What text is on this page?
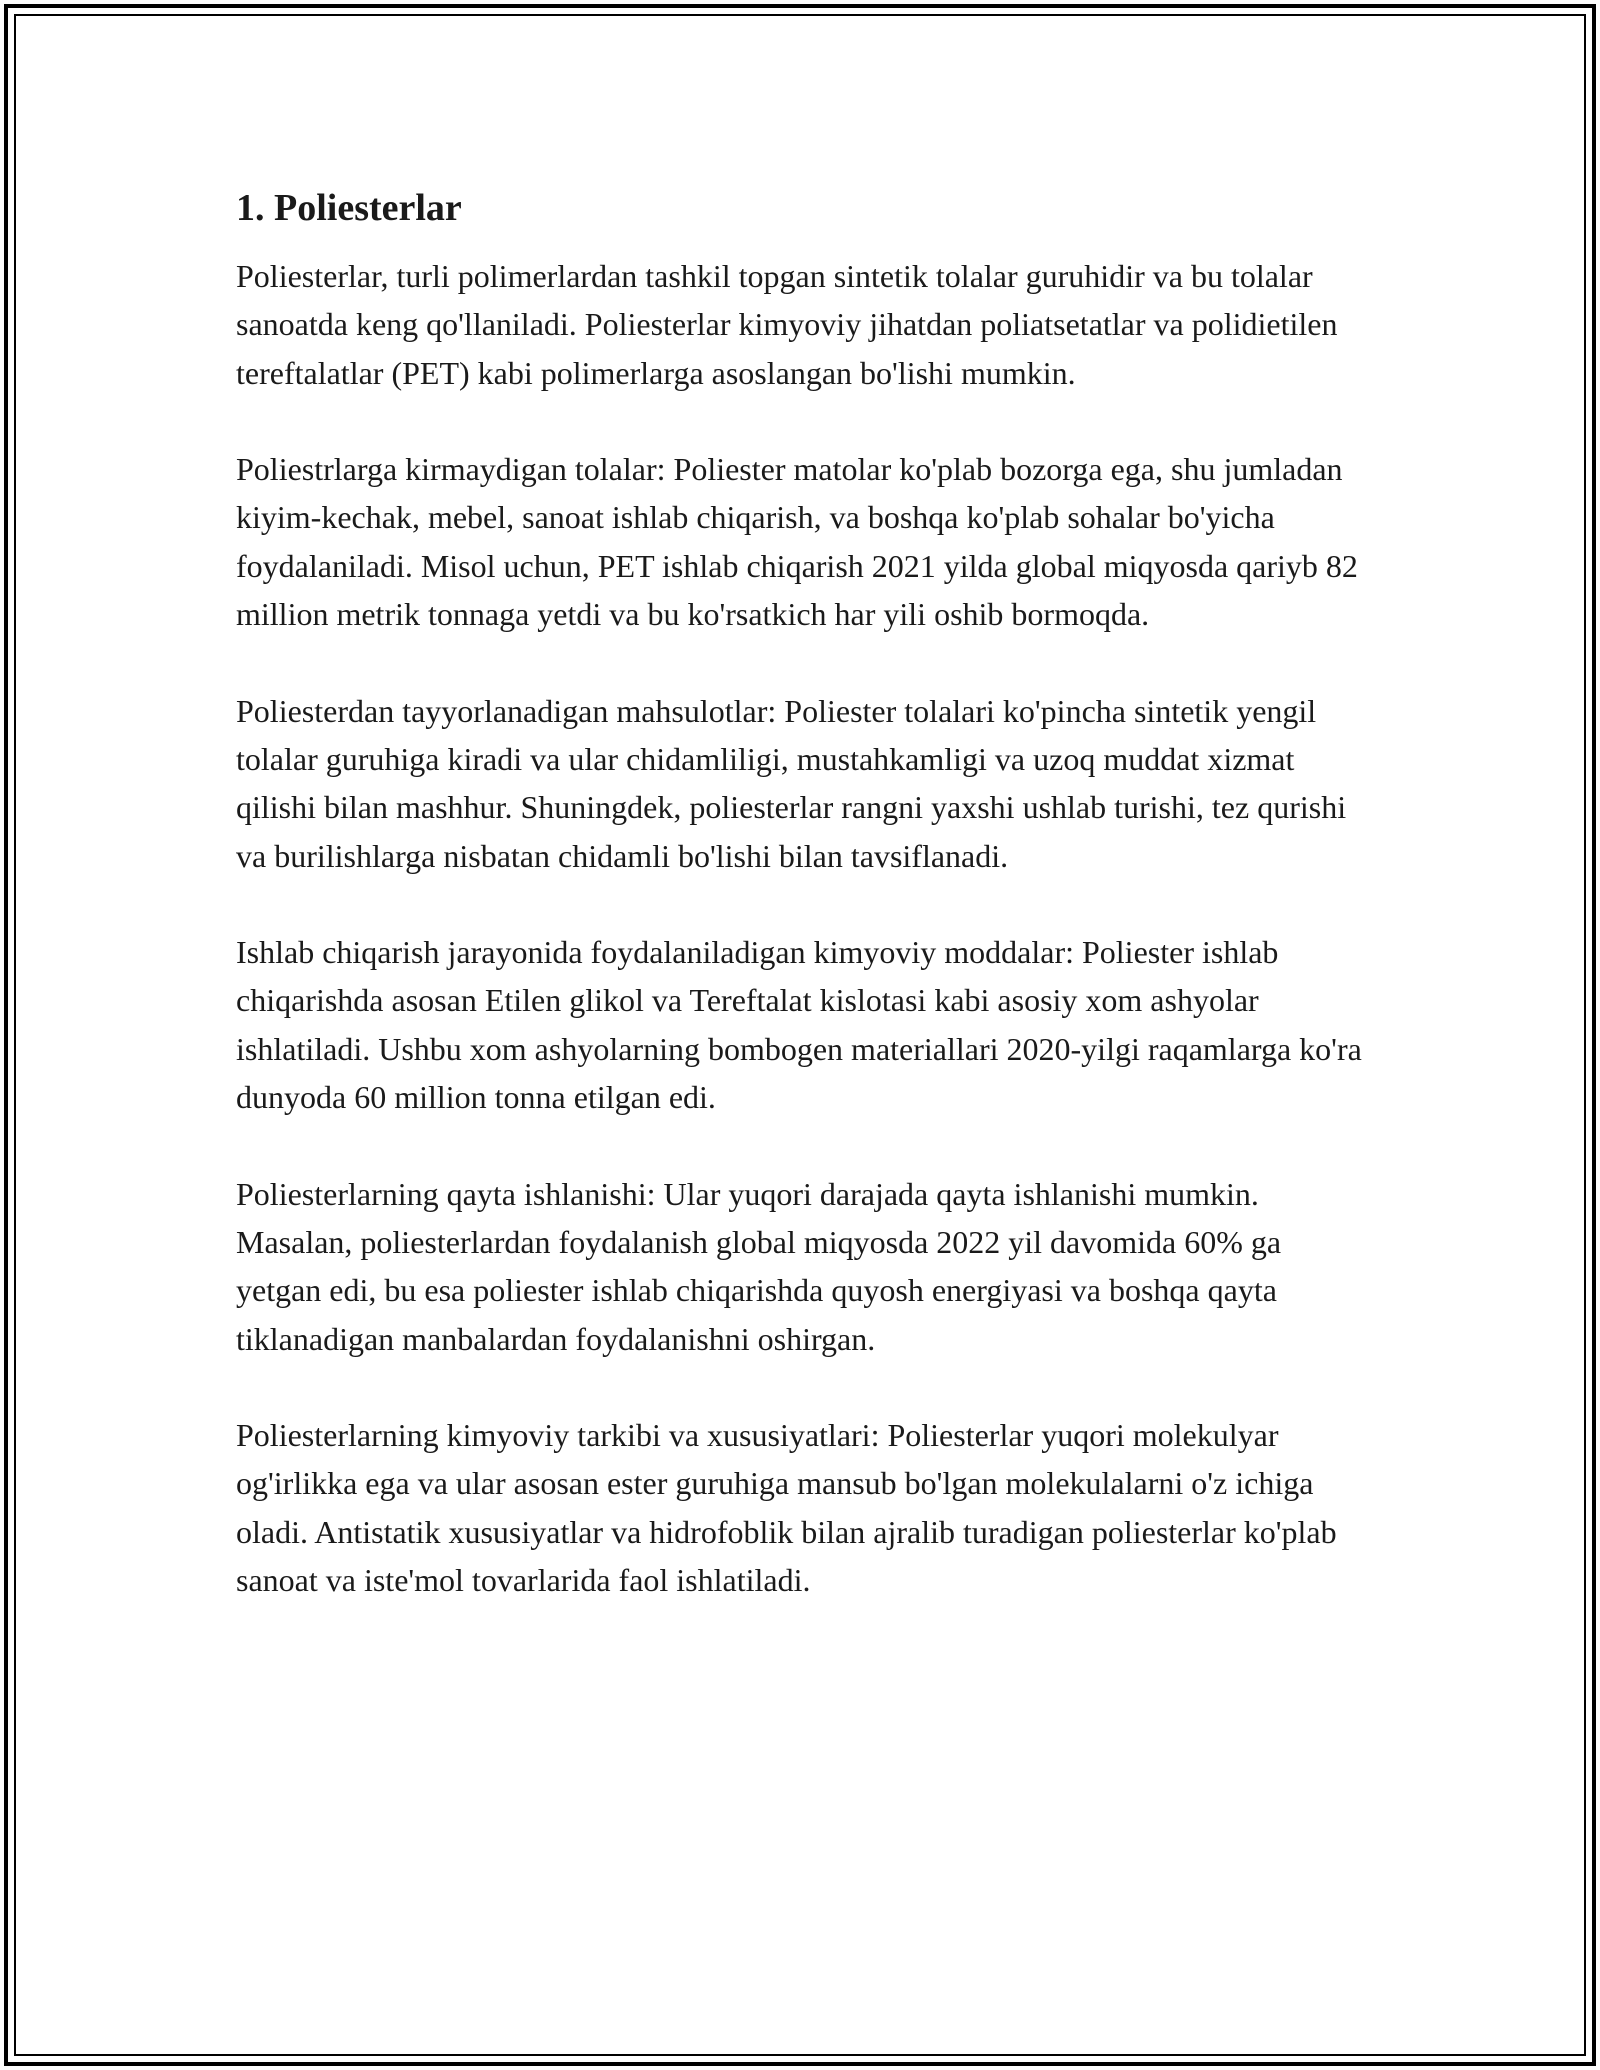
1. Poliesterlar

Poliesterlar, turli polimerlardan tashkil topgan sintetik tolalar guruhidir va bu tolalar sanoatda keng qo'llaniladi. Poliesterlar kimyoviy jihatdan poliatsetatlar va polidietilen tereftalatlar (PET) kabi polimerlarga asoslangan bo'lishi mumkin.

Poliestrlarga kirmaydigan tolalar: Poliester matolar ko'plab bozorga ega, shu jumladan kiyim-kechak, mebel, sanoat ishlab chiqarish, va boshqa ko'plab sohalar bo'yicha foydalaniladi. Misol uchun, PET ishlab chiqarish 2021 yilda global miqyosda qariyb 82 million metrik tonnaga yetdi va bu ko'rsatkich har yili oshib bormoqda.

Poliesterdan tayyorlanadigan mahsulotlar: Poliester tolalari ko'pincha sintetik yengil tolalar guruhiga kiradi va ular chidamliligi, mustahkamligi va uzoq muddat xizmat qilishi bilan mashhur. Shuningdek, poliesterlar rangni yaxshi ushlab turishi, tez qurishi va burilishlarga nisbatan chidamli bo'lishi bilan tavsiflanadi.

Ishlab chiqarish jarayonida foydalaniladigan kimyoviy moddalar: Poliester ishlab chiqarishda asosan Etilen glikol va Tereftalat kislotasi kabi asosiy xom ashyolar ishlatiladi. Ushbu xom ashyolarning bombogen materiallari 2020-yilgi raqamlarga ko'ra dunyoda 60 million tonna etilgan edi.

Poliesterlarning qayta ishlanishi: Ular yuqori darajada qayta ishlanishi mumkin. Masalan, poliesterlardan foydalanish global miqyosda 2022 yil davomida 60% ga yetgan edi, bu esa poliester ishlab chiqarishda quyosh energiyasi va boshqa qayta tiklanadigan manbalardan foydalanishni oshirgan.

Poliesterlarning kimyoviy tarkibi va xususiyatlari: Poliesterlar yuqori molekulyar og'irlikka ega va ular asosan ester guruhiga mansub bo'lgan molekulalarni o'z ichiga oladi. Antistatik xususiyatlar va hidrofoblik bilan ajralib turadigan poliesterlar ko'plab sanoat va iste'mol tovarlarida faol ishlatiladi.
